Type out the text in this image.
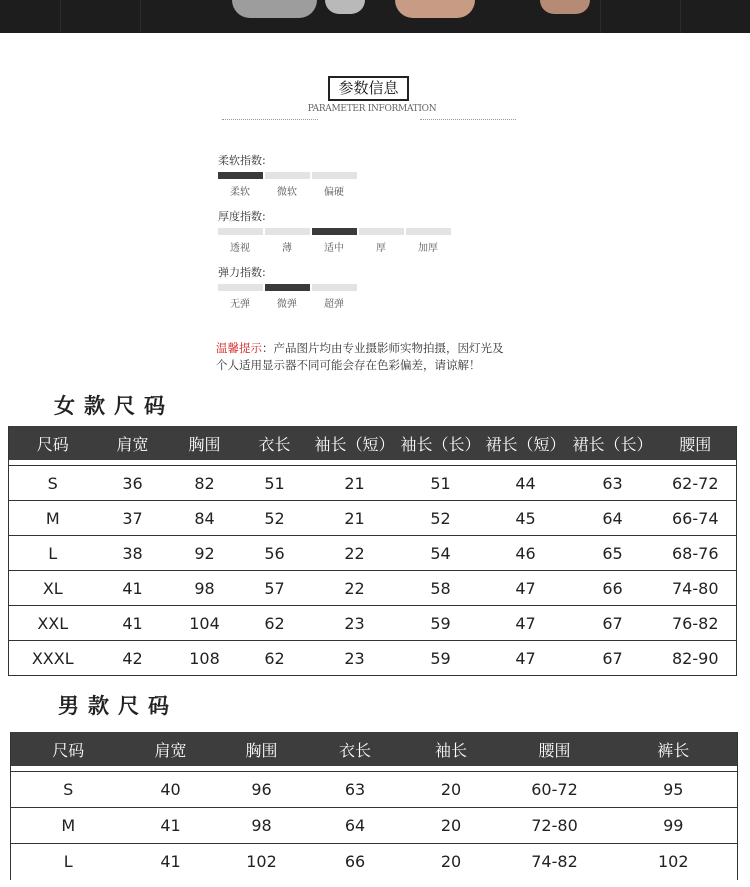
参数信息
PARAMETER INFORMATION
柔软指数:
柔软	微软	偏硬
厚度指数:
透视	薄	适中	厚	加厚
弹力指数:
无弹	微弹	超弹
温馨提示：产品图片均由专业摄影师实物拍摄，因灯光及
个人适用显示器不同可能会存在色彩偏差，请谅解！
女款尺码
尺码	肩宽	胸围	衣长	袖长（短）	袖长（长）	裙长（短）	裙长（长）	腰围

S	36	82	51	21	51	44	63	62-72
M	37	84	52	21	52	45	64	66-74
L	38	92	56	22	54	46	65	68-76
XL	41	98	57	22	58	47	66	74-80
XXL	41	104	62	23	59	47	67	76-82
XXXL	42	108	62	23	59	47	67	82-90
男款尺码
尺码	肩宽	胸围	衣长	袖长	腰围	裤长

S	40	96	63	20	60-72	95
M	41	98	64	20	72-80	99
L	41	102	66	20	74-82	102
